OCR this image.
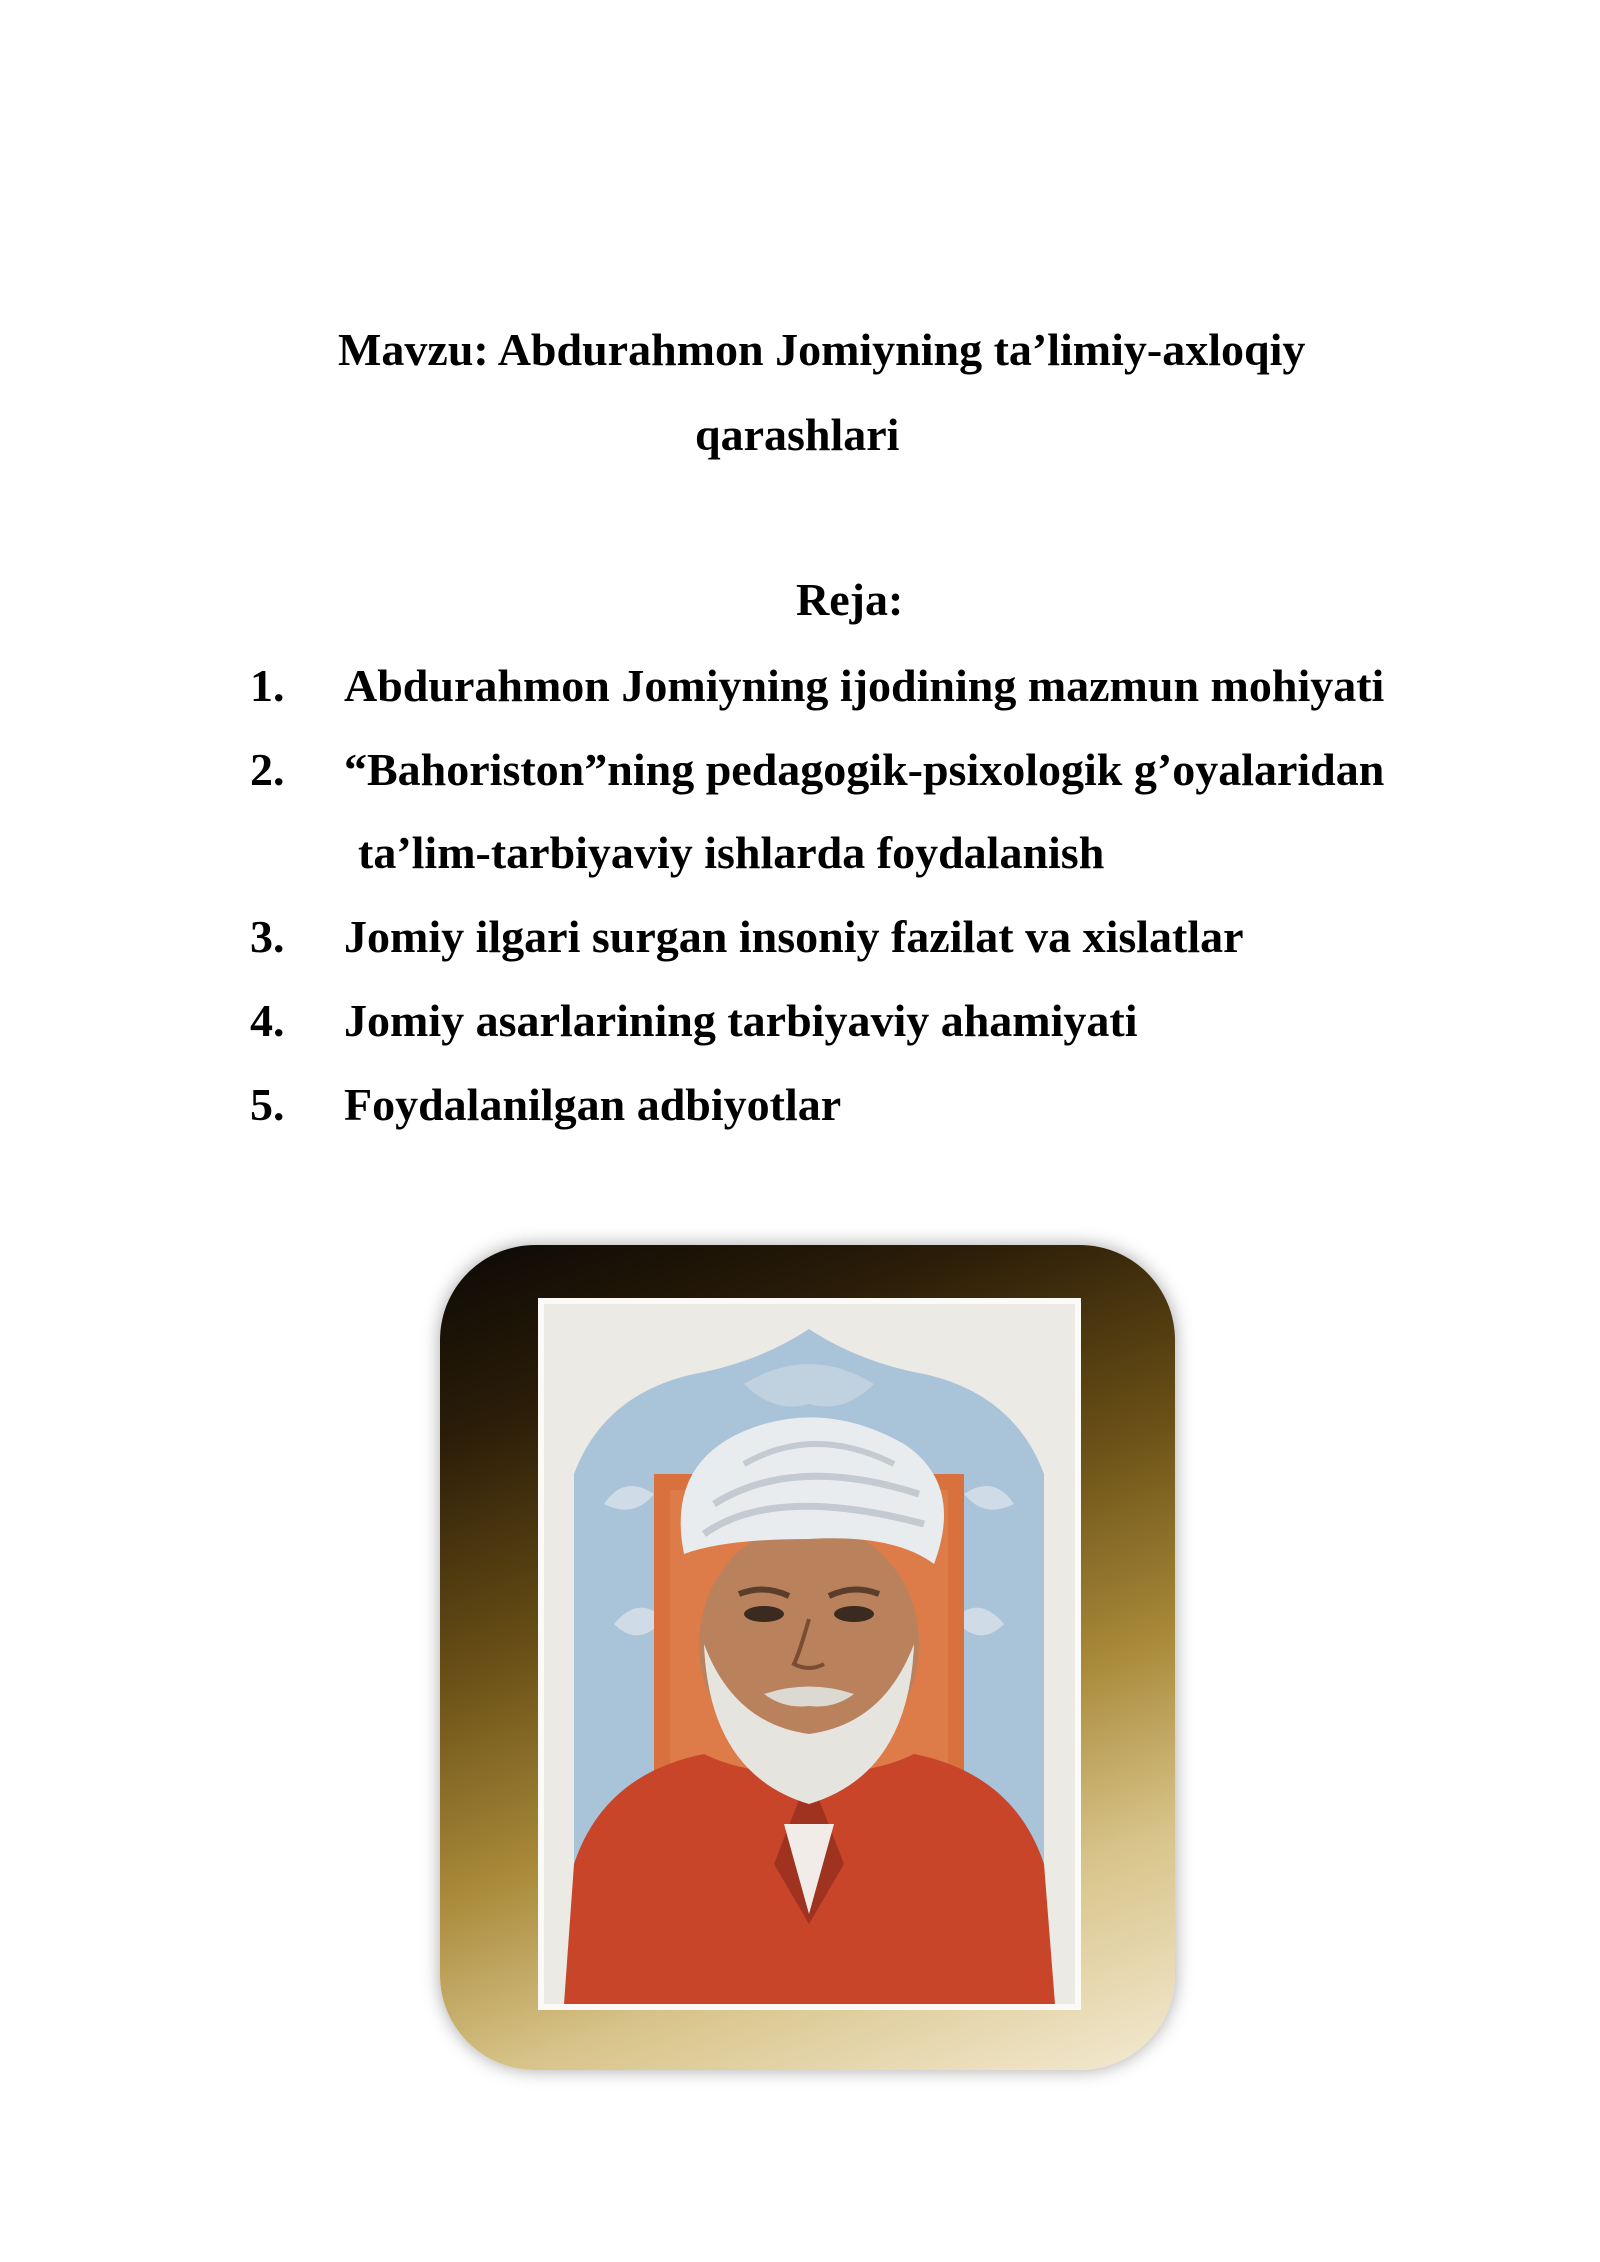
Mavzu: Abdurahmon Jomiyning ta’limiy-axloqiy
qarashlari
Reja:
1. Abdurahmon Jomiyning ijodining mazmun mohiyati
2. “Bahoriston”ning pedagogik-psixologik g’oyalaridan
ta’lim-tarbiyaviy ishlarda foydalanish
3. Jomiy ilgari surgan insoniy fazilat va xislatlar
4. Jomiy asarlarining tarbiyaviy ahamiyati
5. Foydalanilgan adbiyotlar
